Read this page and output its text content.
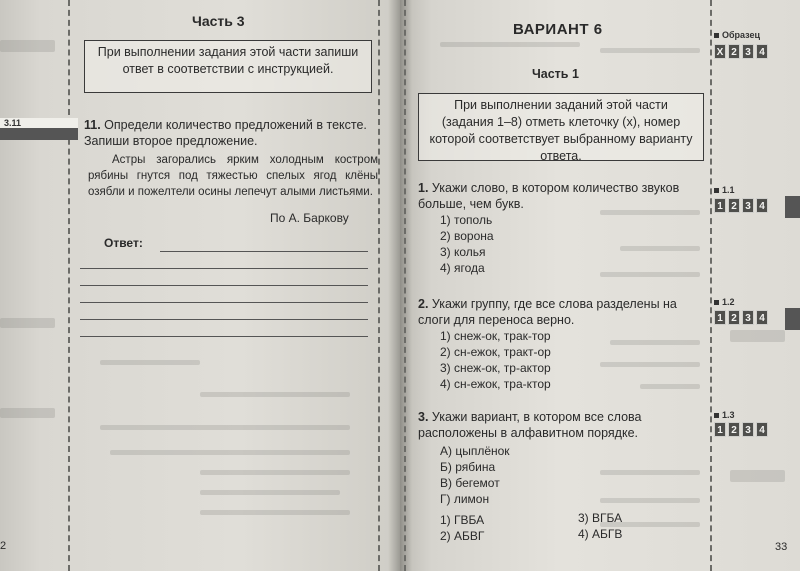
Часть 3
При выполнении задания этой части запиши ответ в соответствии с инструкцией.
3.11	11. Определи количество предложений в тексте. Запиши второе предложение.
Астры загорались ярким холодным костром рябины гнутся под тяжестью спелых ягод клёны озябли и пожелтели осины лепечут алыми листьями.
По А. Баркову
Ответ:
2
ВАРИАНТ 6
Часть 1
При выполнении заданий этой части (задания 1–8) отметь клеточку (х), номер которой соответствует выбранному варианту ответа.
Образец
Х 2 3 4
1. Укажи слово, в котором количество звуков больше, чем букв.
1) тополь
2) ворона
3) колья
4) ягода
1.1
1 2 3 4
2. Укажи группу, где все слова разделены на слоги для переноса верно.
1) снеж-ок, трак-тор
2) сн-ежок, тракт-ор
3) снеж-ок, тр-актор
4) сн-ежок, тра-ктор
1.2
1 2 3 4
3. Укажи вариант, в котором все слова расположены в алфавитном порядке.
А) цыплёнок
Б) рябина
В) бегемот
Г) лимон
1) ГВБА
2) АБВГ
3) ВГБА
4) АБГВ
1.3
1 2 3 4
33
